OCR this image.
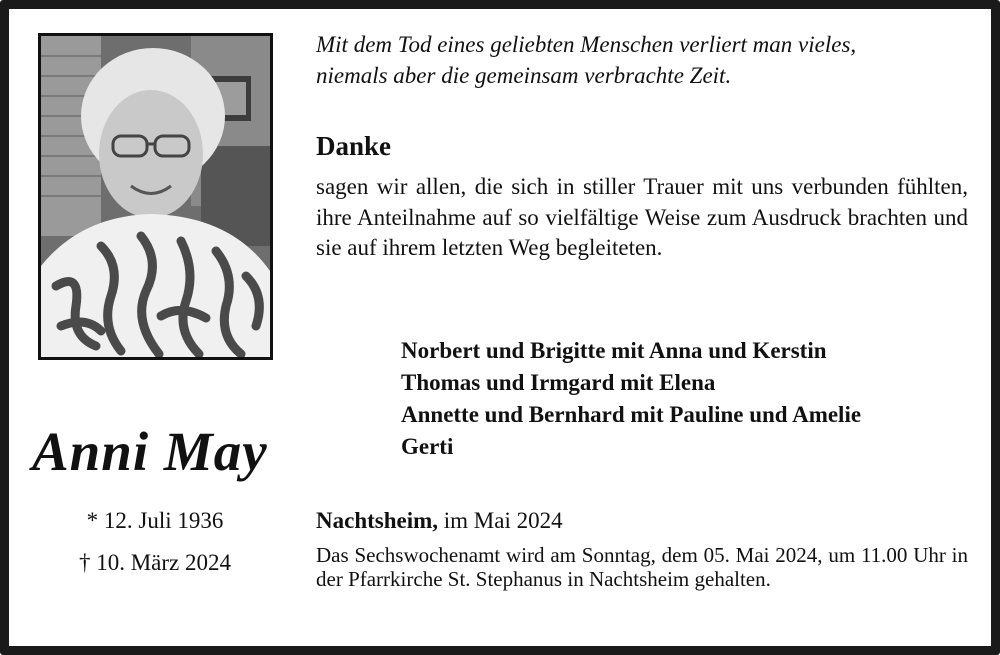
Anni May
* 12. Juli 1936
† 10. März 2024
Mit dem Tod eines geliebten Menschen verliert man vieles,
niemals aber die gemeinsam verbrachte Zeit.
Danke
sagen wir allen, die sich in stiller Trauer mit uns verbunden fühlten, ihre Anteilnahme auf so vielfältige Weise zum Ausdruck brachten und sie auf ihrem letzten Weg begleiteten.
Norbert und Brigitte mit Anna und Kerstin
Thomas und Irmgard mit Elena
Annette und Bernhard mit Pauline und Amelie
Gerti
Nachtsheim, im Mai 2024
Das Sechswochenamt wird am Sonntag, dem 05. Mai 2024, um 11.00 Uhr in der Pfarrkirche St. Stephanus in Nachtsheim gehalten.
